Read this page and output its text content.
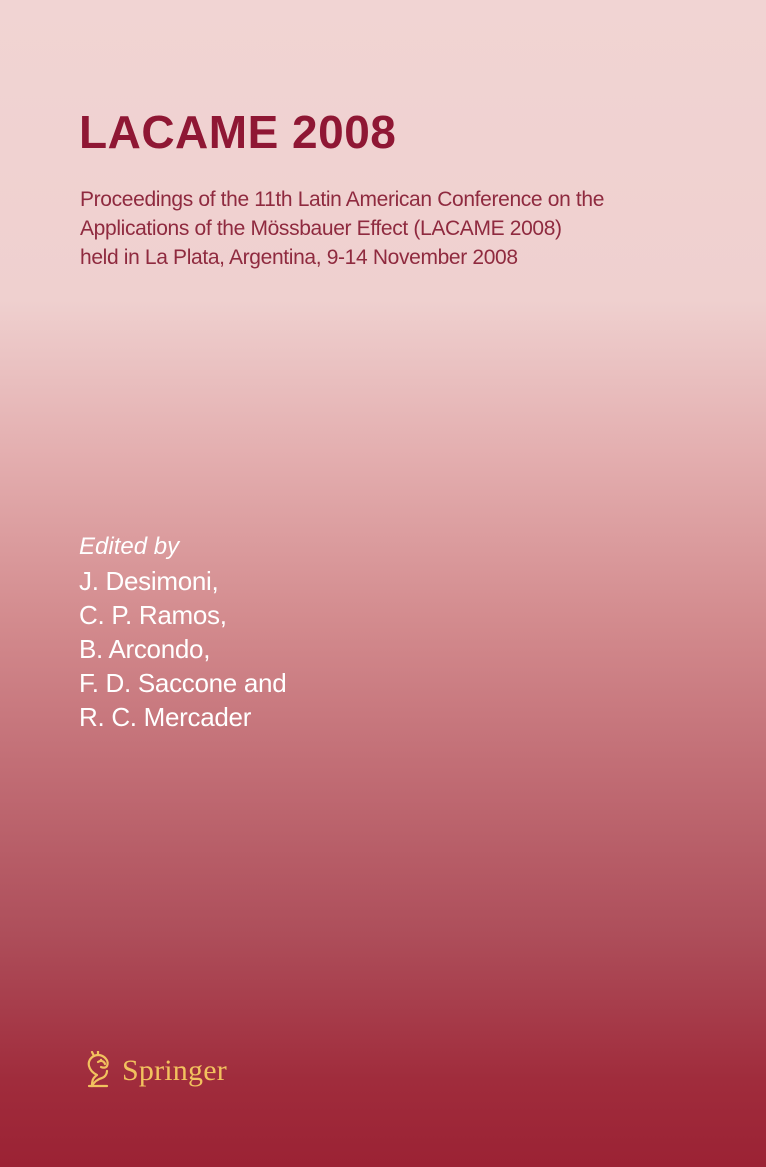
LACAME 2008
Proceedings of the 11th Latin American Conference on the
Applications of the Mössbauer Effect (LACAME 2008)
held in La Plata, Argentina, 9-14 November 2008
Edited by
J. Desimoni,
C. P. Ramos,
B. Arcondo,
F. D. Saccone and
R. C. Mercader
Springer
